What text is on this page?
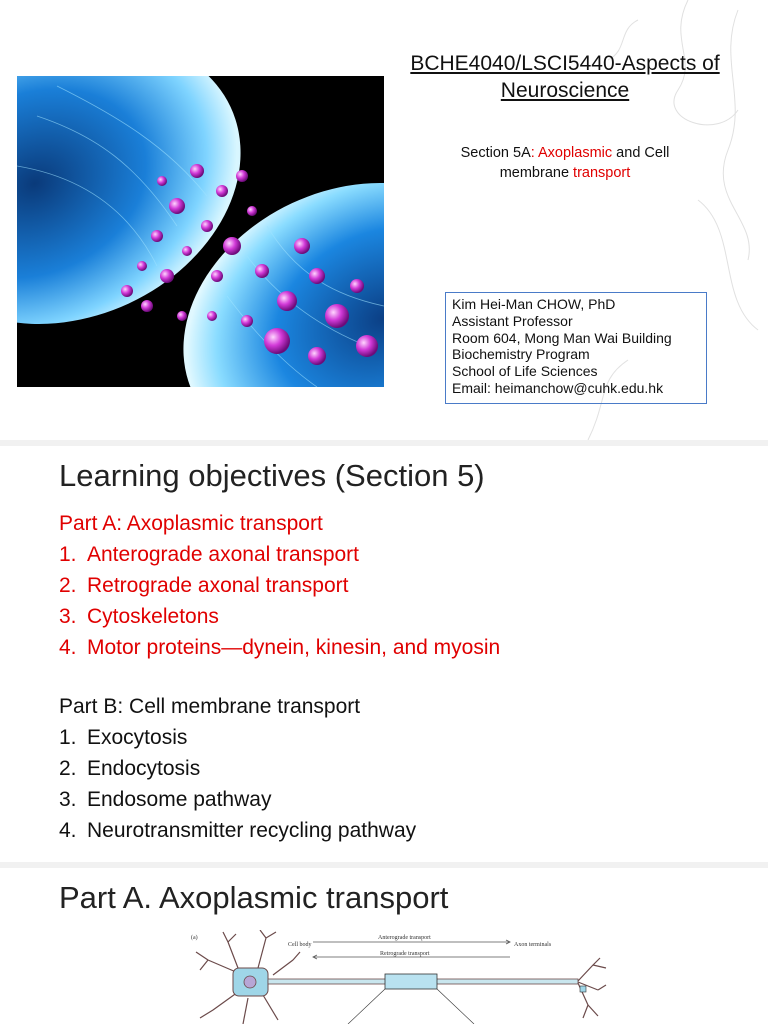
BCHE4040/LSCI5440-Aspects of
Neuroscience
Section 5A: Axoplasmic and Cell
membrane transport
Kim Hei-Man CHOW, PhD
Assistant Professor
Room 604, Mong Man Wai Building
Biochemistry Program
School of Life Sciences
Email: heimanchow@cuhk.edu.hk
Learning objectives (Section 5)
Part A: Axoplasmic transport
1. Anterograde axonal transport
2. Retrograde axonal transport
3. Cytoskeletons
4. Motor proteins—dynein, kinesin, and myosin
Part B: Cell membrane transport
1. Exocytosis
2. Endocytosis
3. Endosome pathway
4. Neurotransmitter recycling pathway
Part A. Axoplasmic transport
(a)
Cell body
Anterograde transport
Retrograde transport
Axon terminals
